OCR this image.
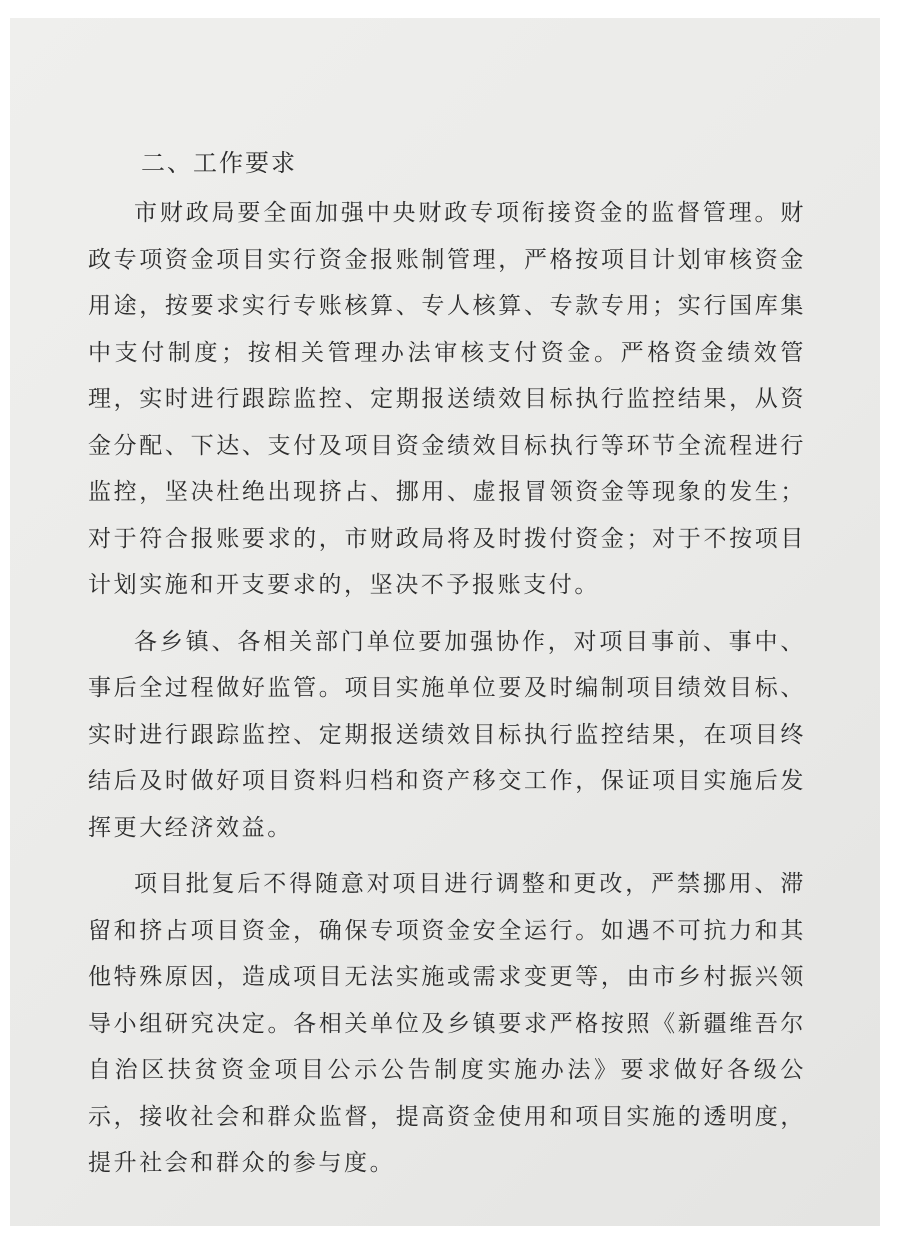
二、工作要求

市财政局要全面加强中央财政专项衔接资金的监督管理。财政专项资金项目实行资金报账制管理，严格按项目计划审核资金用途，按要求实行专账核算、专人核算、专款专用；实行国库集中支付制度；按相关管理办法审核支付资金。严格资金绩效管理，实时进行跟踪监控、定期报送绩效目标执行监控结果，从资金分配、下达、支付及项目资金绩效目标执行等环节全流程进行监控，坚决杜绝出现挤占、挪用、虚报冒领资金等现象的发生；对于符合报账要求的，市财政局将及时拨付资金；对于不按项目计划实施和开支要求的，坚决不予报账支付。

各乡镇、各相关部门单位要加强协作，对项目事前、事中、事后全过程做好监管。项目实施单位要及时编制项目绩效目标、实时进行跟踪监控、定期报送绩效目标执行监控结果，在项目终结后及时做好项目资料归档和资产移交工作，保证项目实施后发挥更大经济效益。

项目批复后不得随意对项目进行调整和更改，严禁挪用、滞留和挤占项目资金，确保专项资金安全运行。如遇不可抗力和其他特殊原因，造成项目无法实施或需求变更等，由市乡村振兴领导小组研究决定。各相关单位及乡镇要求严格按照《新疆维吾尔自治区扶贫资金项目公示公告制度实施办法》要求做好各级公示，接收社会和群众监督，提高资金使用和项目实施的透明度，提升社会和群众的参与度。
